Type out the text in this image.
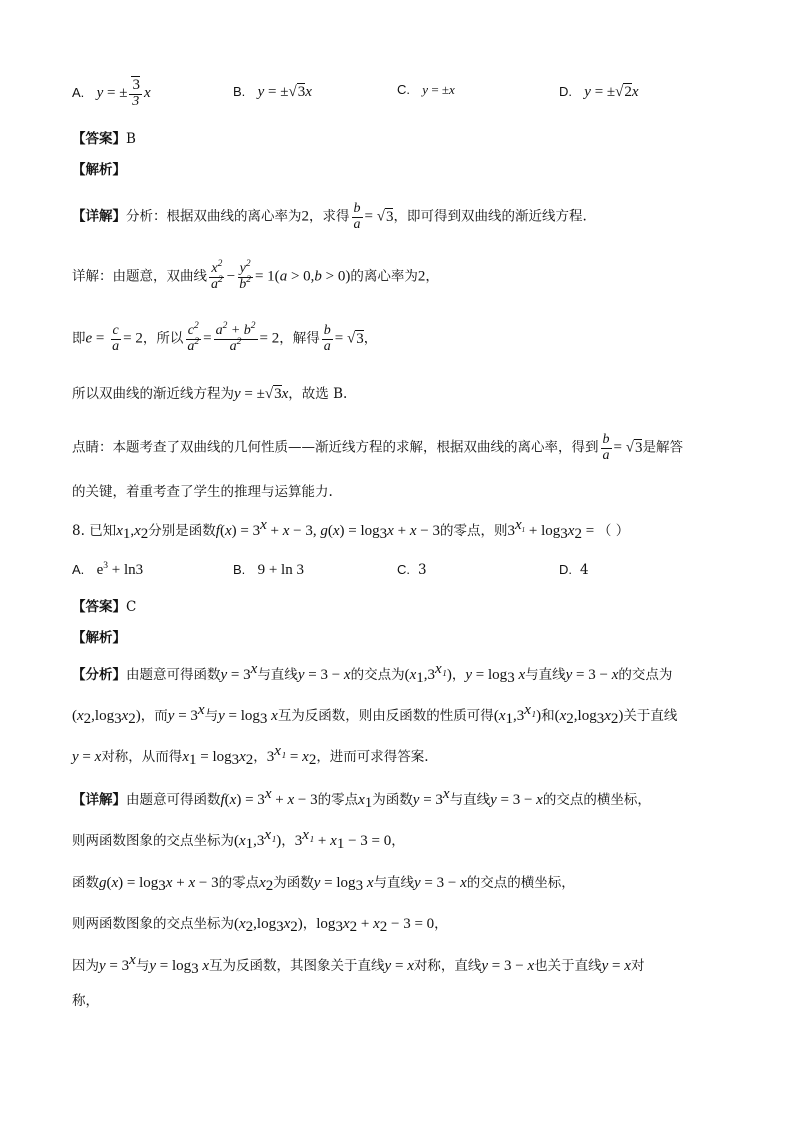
A. y = ± $\frac{3}{3}$ x	B. y = ±√3x	C. y = ±x	D. y = ±√2x
【答案】B
【解析】
【详解】分析：根据双曲线的离心率为2，求得 $\frac{b}{a} = √3$，即可得到双曲线的渐近线方程.
详解：由题意，双曲线 $\frac{x^2}{a^2} - \frac{y^2}{b^2} = 1(a > 0,b > 0)$的离心率为2，
即$e = \frac{c}{a} = 2$，所以 $\frac{c^2}{a^2} = \frac{a^2 + b^2}{a^2} = 2$，解得 $\frac{b}{a} = √3$，
所以双曲线的渐近线方程为y = ±√3x，故选 B.
点睛：本题考查了双曲线的几何性质——渐近线方程的求解，根据双曲线的离心率，得到 $\frac{b}{a} = √3$是解答
的关键，着重考查了学生的推理与运算能力.
8. 已知$x_1,x_2$分别是函数$f(x) = 3^x + x - 3$, $g(x) = \log_3x + x - 3$的零点，则$3^{x_1} + \log_3x_2$ = （ ）
A. $e^3 + \ln 3$	B. 9 + ln 3	C. 3	D. 4
【答案】C
【解析】
【分析】由题意可得函数$y = 3^x$与直线y = 3 − x的交点为$(x_1,3^{x_1})$，$y = \log_3 x$与直线y = 3 − x的交点为
$(x_2,\log_3x_2)$，而$y = 3^x$与$y = \log_3 x$互为反函数，则由反函数的性质可得$(x_1,3^{x_1})$和$(x_2,\log_3x_2)$关于直线
y = x对称，从而得$x_1 = \log_3x_2$，$3^{x_1} = x_2$，进而可求得答案.
【详解】由题意可得函数$f(x) = 3^x + x - 3$的零点$x_1$为函数$y = 3^x$与直线y = 3 − x的交点的横坐标，
则两函数图象的交点坐标为$(x_1,3^{x_1})$，$3^{x_1} + x_1 - 3 = 0$，
函数$g(x) = \log_3x + x - 3$的零点$x_2$为函数$y = \log_3 x$与直线y = 3 − x的交点的横坐标，
则两函数图象的交点坐标为$(x_2,\log_3x_2)$，$\log_3x_2 + x_2 - 3 = 0$，
因为$y = 3^x$与$y = \log_3 x$互为反函数，其图象关于直线y = x对称，直线y = 3 − x也关于直线y = x对
称，
